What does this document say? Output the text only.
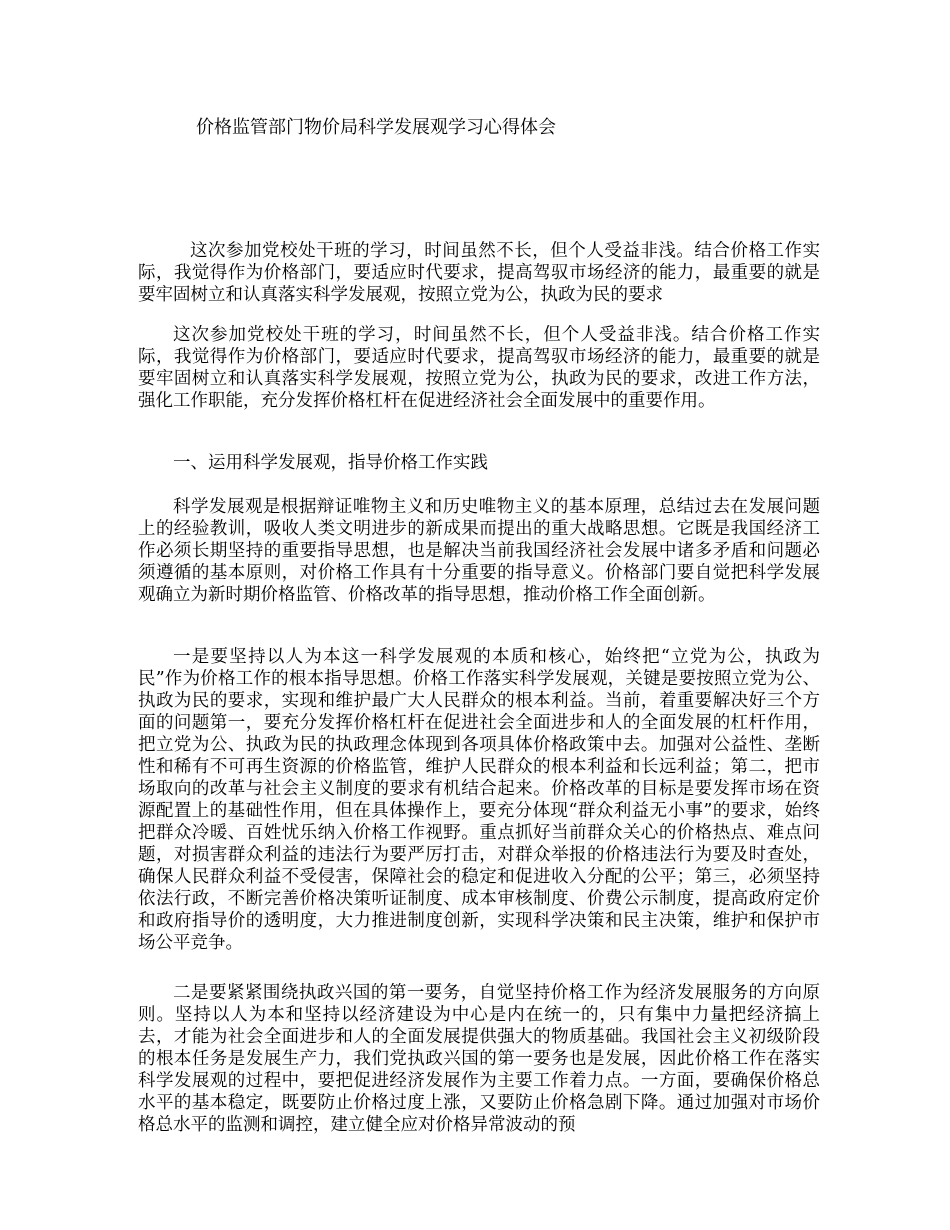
价格监管部门物价局科学发展观学习心得体会

这次参加党校处干班的学习，时间虽然不长，但个人受益非浅。结合价格工作实际，我觉得作为价格部门，要适应时代要求，提高驾驭市场经济的能力，最重要的就是要牢固树立和认真落实科学发展观，按照立党为公，执政为民的要求

这次参加党校处干班的学习，时间虽然不长，但个人受益非浅。结合价格工作实际，我觉得作为价格部门，要适应时代要求，提高驾驭市场经济的能力，最重要的就是要牢固树立和认真落实科学发展观，按照立党为公，执政为民的要求，改进工作方法，强化工作职能，充分发挥价格杠杆在促进经济社会全面发展中的重要作用。

一、运用科学发展观，指导价格工作实践

科学发展观是根据辩证唯物主义和历史唯物主义的基本原理，总结过去在发展问题上的经验教训，吸收人类文明进步的新成果而提出的重大战略思想。它既是我国经济工作必须长期坚持的重要指导思想，也是解决当前我国经济社会发展中诸多矛盾和问题必须遵循的基本原则，对价格工作具有十分重要的指导意义。价格部门要自觉把科学发展观确立为新时期价格监管、价格改革的指导思想，推动价格工作全面创新。

一是要坚持以人为本这一科学发展观的本质和核心，始终把“立党为公，执政为民”作为价格工作的根本指导思想。价格工作落实科学发展观，关键是要按照立党为公、执政为民的要求，实现和维护最广大人民群众的根本利益。当前，着重要解决好三个方面的问题第一，要充分发挥价格杠杆在促进社会全面进步和人的全面发展的杠杆作用，把立党为公、执政为民的执政理念体现到各项具体价格政策中去。加强对公益性、垄断性和稀有不可再生资源的价格监管，维护人民群众的根本利益和长远利益；第二，把市场取向的改革与社会主义制度的要求有机结合起来。价格改革的目标是要发挥市场在资源配置上的基础性作用，但在具体操作上，要充分体现“群众利益无小事”的要求，始终把群众冷暖、百姓忧乐纳入价格工作视野。重点抓好当前群众关心的价格热点、难点问题，对损害群众利益的违法行为要严厉打击，对群众举报的价格违法行为要及时查处，确保人民群众利益不受侵害，保障社会的稳定和促进收入分配的公平；第三，必须坚持依法行政，不断完善价格决策听证制度、成本审核制度、价费公示制度，提高政府定价和政府指导价的透明度，大力推进制度创新，实现科学决策和民主决策，维护和保护市场公平竞争。

二是要紧紧围绕执政兴国的第一要务，自觉坚持价格工作为经济发展服务的方向原则。坚持以人为本和坚持以经济建设为中心是内在统一的，只有集中力量把经济搞上去，才能为社会全面进步和人的全面发展提供强大的物质基础。我国社会主义初级阶段的根本任务是发展生产力，我们党执政兴国的第一要务也是发展，因此价格工作在落实科学发展观的过程中，要把促进经济发展作为主要工作着力点。一方面，要确保价格总水平的基本稳定，既要防止价格过度上涨，又要防止价格急剧下降。通过加强对市场价格总水平的监测和调控，建立健全应对价格异常波动的预
